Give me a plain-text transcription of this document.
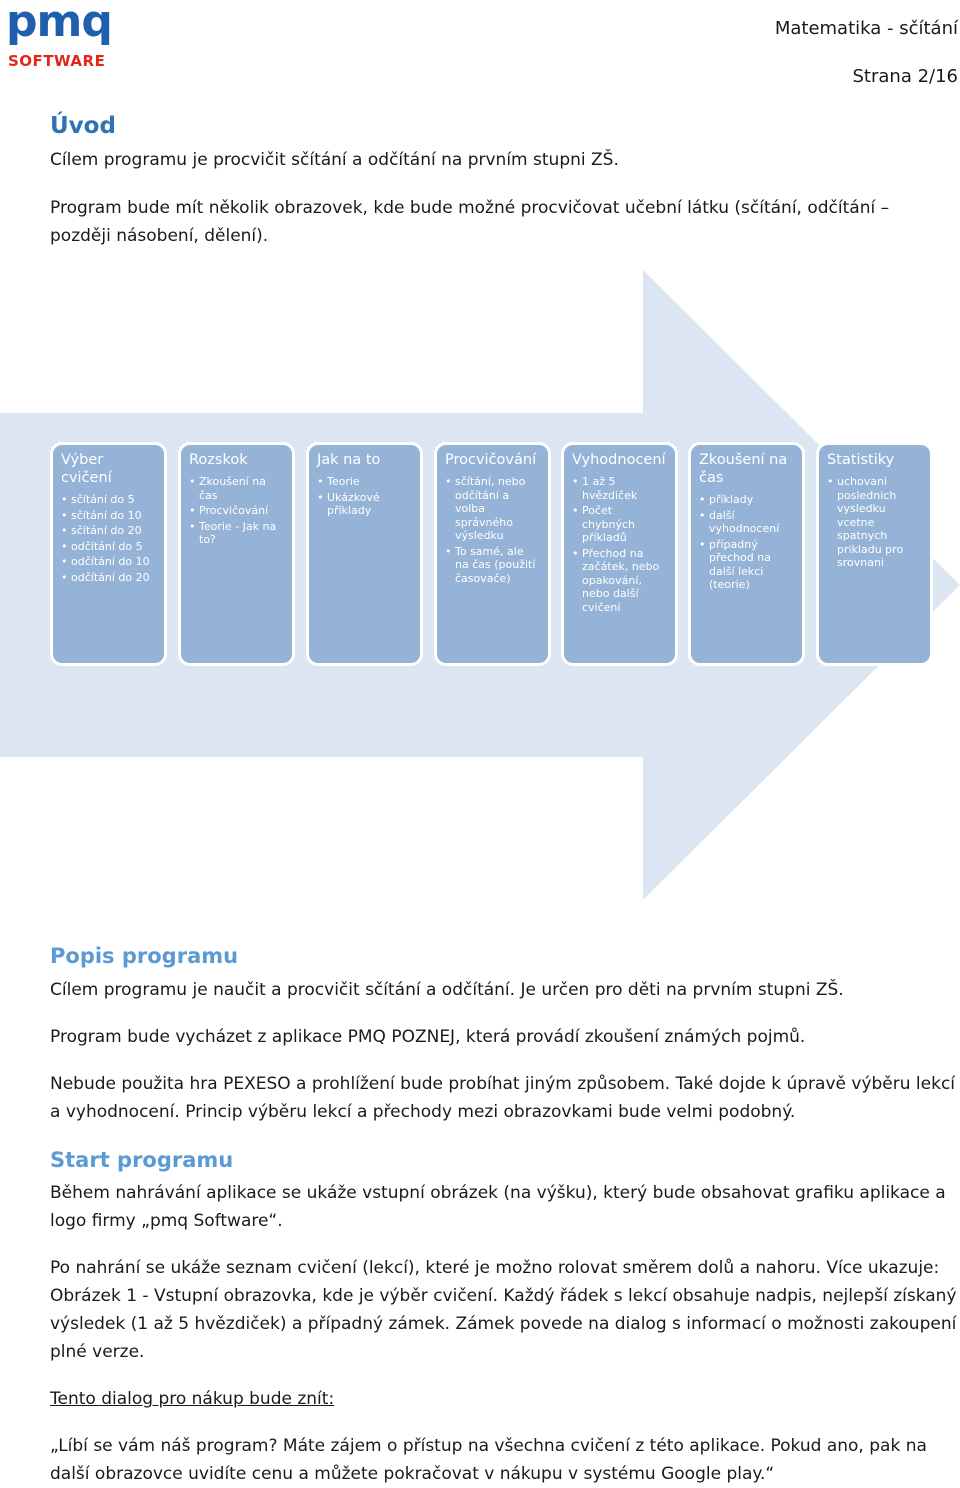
pmq
SOFTWARE
Matematika - sčítání
Strana 2/16
Úvod

Cílem programu je procvičit sčítání a odčítání na prvním stupni ZŠ.

Program bude mít několik obrazovek, kde bude možné procvičovat učební látku (sčítání, odčítání – později násobení, dělení).

Výber cvičení
• sčítání do 5
• sčítání do 10
• sčítání do 20
• odčítání do 5
• odčítání do 10
• odčítání do 20
Rozskok
• Zkoušení na čas
• Procvičování
• Teorie - Jak na to?
Jak na to
• Teorie
• Ukázkové příklady
Procvičování
• sčítání, nebo odčítání a volba správného výsledku
• To samé, ale na čas (použití časovače)
Vyhodnocení
• 1 až 5 hvězdiček
• Počet chybných příkladů
• Přechod na začátek, nebo opakování, nebo další cvičení
Zkoušení na čas
• příklady
• další vyhodnocení
• případný přechod na další lekci (teorie)
Statistiky
• uchovani poslednich vysledku vcetne spatnych prikladu pro srovnani
Popis programu

Cílem programu je naučit a procvičit sčítání a odčítání. Je určen pro děti na prvním stupni ZŠ.

Program bude vycházet z aplikace PMQ POZNEJ, která provádí zkoušení známých pojmů.

Nebude použita hra PEXESO a prohlížení bude probíhat jiným způsobem. Také dojde k úpravě výběru lekcí a vyhodnocení. Princip výběru lekcí a přechody mezi obrazovkami bude velmi podobný.

Start programu

Během nahrávání aplikace se ukáže vstupní obrázek (na výšku), který bude obsahovat grafiku aplikace a logo firmy „pmq Software“.

Po nahrání se ukáže seznam cvičení (lekcí), které je možno rolovat směrem dolů a nahoru. Více ukazuje: Obrázek 1 - Vstupní obrazovka, kde je výběr cvičení. Každý řádek s lekcí obsahuje nadpis, nejlepší získaný výsledek (1 až 5 hvězdiček) a případný zámek. Zámek povede na dialog s informací o možnosti zakoupení plné verze.

Tento dialog pro nákup bude znít:

„Líbí se vám náš program? Máte zájem o přístup na všechna cvičení z této aplikace. Pokud ano, pak na další obrazovce uvidíte cenu a můžete pokračovat v nákupu v systému Google play.“
